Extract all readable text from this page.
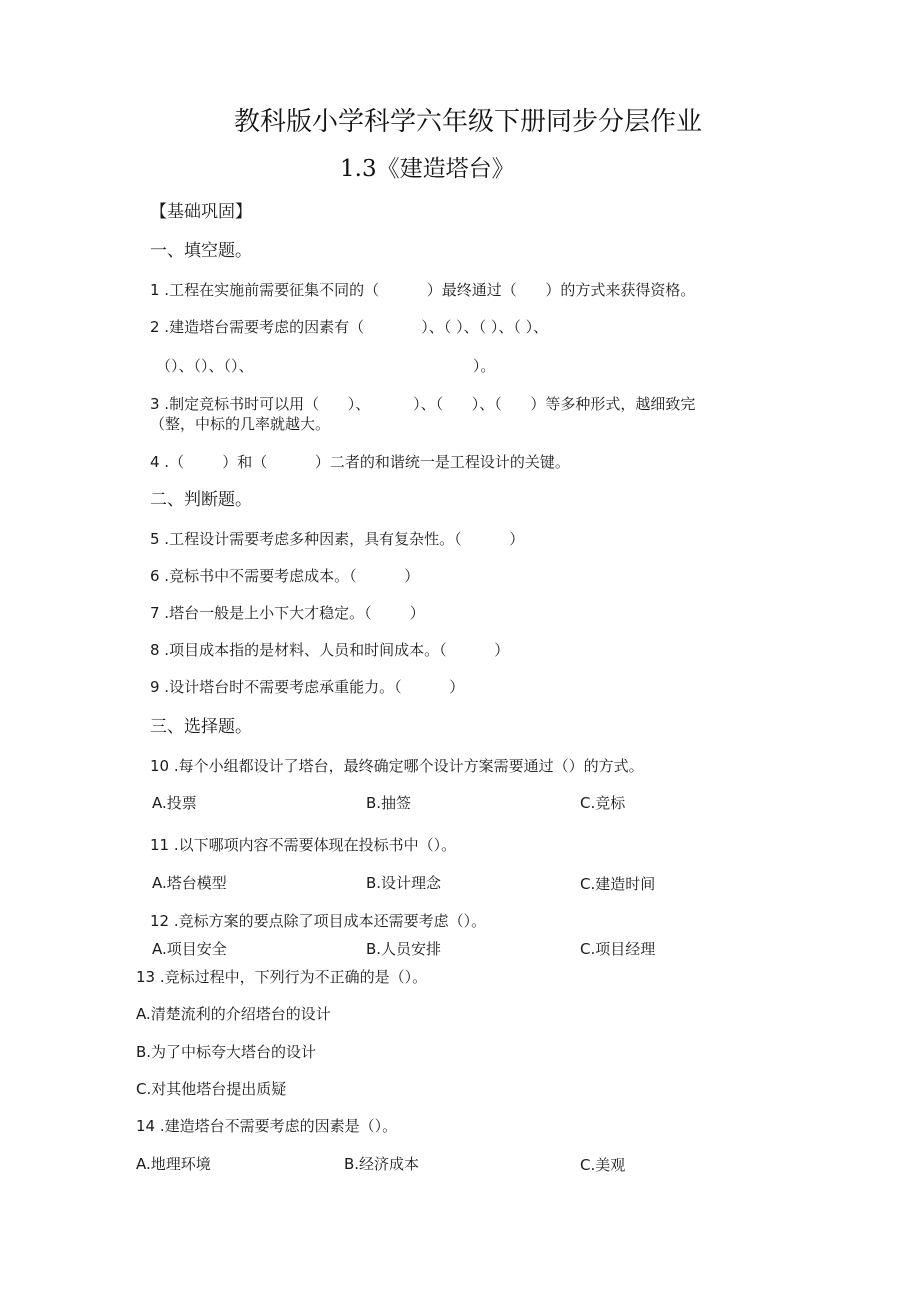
教科版小学科学六年级下册同步分层作业
1.3《建造塔台》
【基础巩固】
一、填空题。
1 .工程在实施前需要征集不同的（          ）最终通过（      ）的方式来获得资格。
2 .建造塔台需要考虑的因素有（            ）、（ ）、（ ）、（ ）、
（）、（）、（）、                                              ）。
3 .制定竞标书时可以用（      ）、         ）、（      ）、（      ）等多种形式，越细致完
（整，中标的几率就越大。
4 .（        ）和（          ）二者的和谐统一是工程设计的关键。
二、判断题。
5 .工程设计需要考虑多种因素，具有复杂性。（          ）
6 .竞标书中不需要考虑成本。（          ）
7 .塔台一般是上小下大才稳定。（        ）
8 .项目成本指的是材料、人员和时间成本。（          ）
9 .设计塔台时不需要考虑承重能力。（          ）
三、选择题。
10 .每个小组都设计了塔台，最终确定哪个设计方案需要通过（）的方式。
A.投票	B.抽签	C.竞标
11 .以下哪项内容不需要体现在投标书中（）。
A.塔台模型	B.设计理念	C.建造时间
12 .竞标方案的要点除了项目成本还需要考虑（）。
A.项目安全	B.人员安排	C.项目经理
13 .竞标过程中，下列行为不正确的是（）。
A.清楚流利的介绍塔台的设计
B.为了中标夸大塔台的设计
C.对其他塔台提出质疑
14 .建造塔台不需要考虑的因素是（）。
A.地理环境	B.经济成本	C.美观
